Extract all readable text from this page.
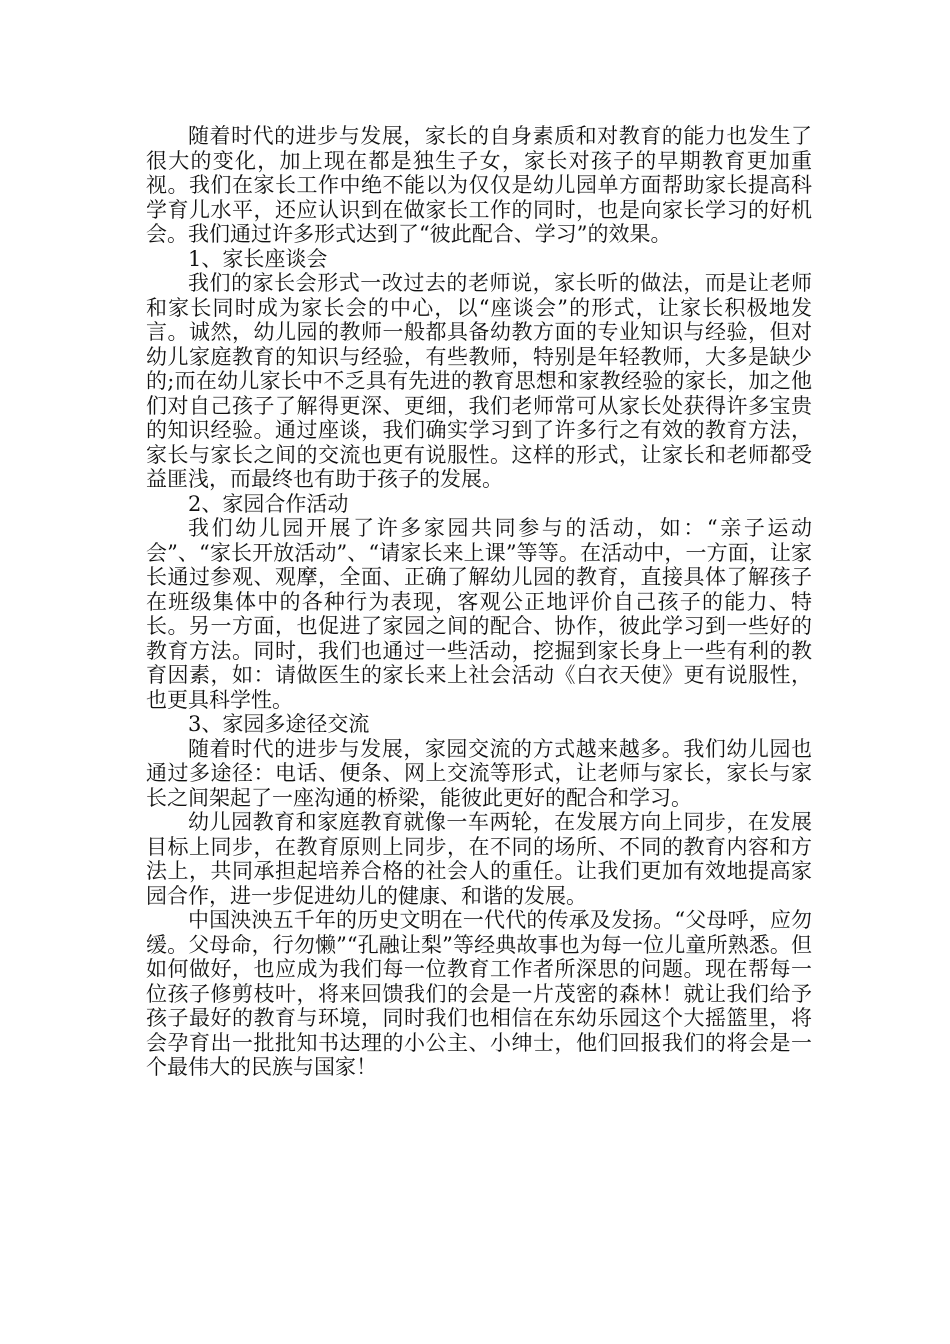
随着时代的进步与发展，家长的自身素质和对教育的能力也发生了很大的变化，加上现在都是独生子女，家长对孩子的早期教育更加重视。我们在家长工作中绝不能以为仅仅是幼儿园单方面帮助家长提高科学育儿水平，还应认识到在做家长工作的同时，也是向家长学习的好机会。我们通过许多形式达到了“彼此配合、学习”的效果。

1、家长座谈会

我们的家长会形式一改过去的老师说，家长听的做法，而是让老师和家长同时成为家长会的中心，以“座谈会”的形式，让家长积极地发言。诚然，幼儿园的教师一般都具备幼教方面的专业知识与经验，但对幼儿家庭教育的知识与经验，有些教师，特别是年轻教师，大多是缺少的;而在幼儿家长中不乏具有先进的教育思想和家教经验的家长，加之他们对自己孩子了解得更深、更细，我们老师常可从家长处获得许多宝贵的知识经验。通过座谈，我们确实学习到了许多行之有效的教育方法，家长与家长之间的交流也更有说服性。这样的形式，让家长和老师都受益匪浅，而最终也有助于孩子的发展。

2、家园合作活动

我们幼儿园开展了许多家园共同参与的活动，如：“亲子运动会”、“家长开放活动”、“请家长来上课”等等。在活动中，一方面，让家长通过参观、观摩，全面、正确了解幼儿园的教育，直接具体了解孩子在班级集体中的各种行为表现，客观公正地评价自己孩子的能力、特长。另一方面，也促进了家园之间的配合、协作，彼此学习到一些好的教育方法。同时，我们也通过一些活动，挖掘到家长身上一些有利的教育因素，如：请做医生的家长来上社会活动《白衣天使》更有说服性，也更具科学性。

3、家园多途径交流

随着时代的进步与发展，家园交流的方式越来越多。我们幼儿园也通过多途径：电话、便条、网上交流等形式，让老师与家长，家长与家长之间架起了一座沟通的桥梁，能彼此更好的配合和学习。

幼儿园教育和家庭教育就像一车两轮，在发展方向上同步，在发展目标上同步，在教育原则上同步，在不同的场所、不同的教育内容和方法上，共同承担起培养合格的社会人的重任。让我们更加有效地提高家园合作，进一步促进幼儿的健康、和谐的发展。

中国泱泱五千年的历史文明在一代代的传承及发扬。“父母呼，应勿缓。父母命，行勿懒”“孔融让梨”等经典故事也为每一位儿童所熟悉。但如何做好，也应成为我们每一位教育工作者所深思的问题。现在帮每一位孩子修剪枝叶，将来回馈我们的会是一片茂密的森林！就让我们给予孩子最好的教育与环境，同时我们也相信在东幼乐园这个大摇篮里，将会孕育出一批批知书达理的小公主、小绅士，他们回报我们的将会是一个最伟大的民族与国家！
